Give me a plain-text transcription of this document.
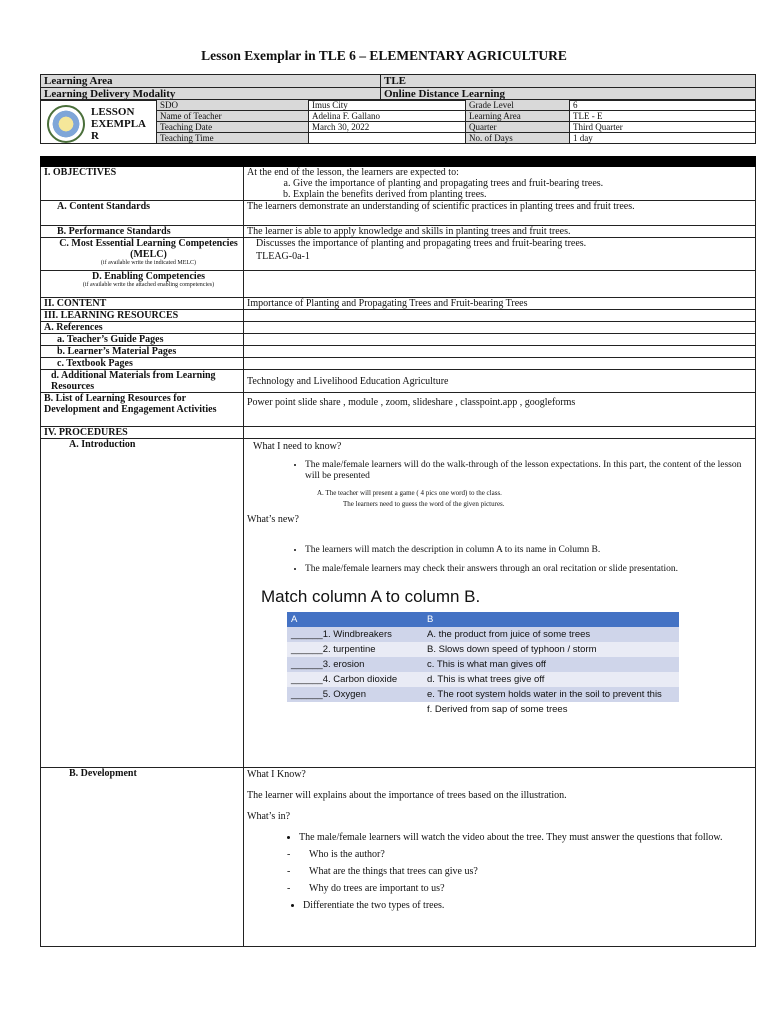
Lesson Exemplar in TLE 6 – ELEMENTARY AGRICULTURE
Learning Area	TLE
Learning Delivery Modality	Online Distance Learning
LESSON EXEMPLA R	SDO	Imus City	Grade Level	6
	Name of Teacher	Adelina F. Gallano	Learning Area	TLE - E
	Teaching Date	March 30, 2022	Quarter	Third Quarter
	Teaching Time		No. of Days	1 day

I. OBJECTIVES	At the end of the lesson, the learners are expected to:
a. Give the importance of planting and propagating trees and fruit-bearing trees.
b. Explain the benefits derived from planting trees.

A. Content Standards	The learners demonstrate an understanding of scientific practices in planting trees and fruit trees.
B. Performance Standards	The learner is able to apply knowledge and skills in planting trees and fruit trees.

C. Most Essential Learning Competencies (MELC)
(if available write the indicated MELC)

Discusses the importance of planting and propagating trees and fruit-bearing trees.
TLEAG-0a-1

D. Enabling Competencies
(if available write the attached enabling competencies)

II. CONTENT	Importance of Planting and Propagating Trees and Fruit-bearing Trees
III. LEARNING RESOURCES	
A. References	
a. Teacher’s Guide Pages	
b. Learner’s Material Pages	
c. Textbook Pages	
d. Additional Materials from Learning Resources	Technology and Livelihood Education Agriculture
B. List of Learning Resources for Development and Engagement Activities	Power point slide share , module , zoom, slideshare , classpoint.app , googleforms
IV. PROCEDURES	
A. Introduction	What I need to know?
• The male/female learners will do the walk-through of the lesson expectations. In this part, the content of the lesson will be presented
A. The teacher will present a game ( 4 pics one word) to the class.
The learners need to guess the word of the given pictures.
What’s new?
• The learners will match the description in column A to its name in Column B.
• The male/female learners may check their answers through an oral recitation or slide presentation.
Match column A to column B.
A	B
______1. Windbreakers	A. the product from juice of some trees
______2. turpentine	B. Slows down speed of typhoon / storm
______3. erosion	c. This is what man gives off
______4. Carbon dioxide	d. This is what trees give off
______5. Oxygen	e. The root system holds water in the soil to prevent this
	f. Derived from sap of some trees

B. Development	What I Know?
The learner will explains about the importance of trees based on the illustration.
What’s in?
• The male/female learners will watch the video about the tree. They must answer the questions that follow.
- Who is the author?
- What are the things that trees can give us?
- Why do trees are important to us?
• Differentiate the two types of trees.
